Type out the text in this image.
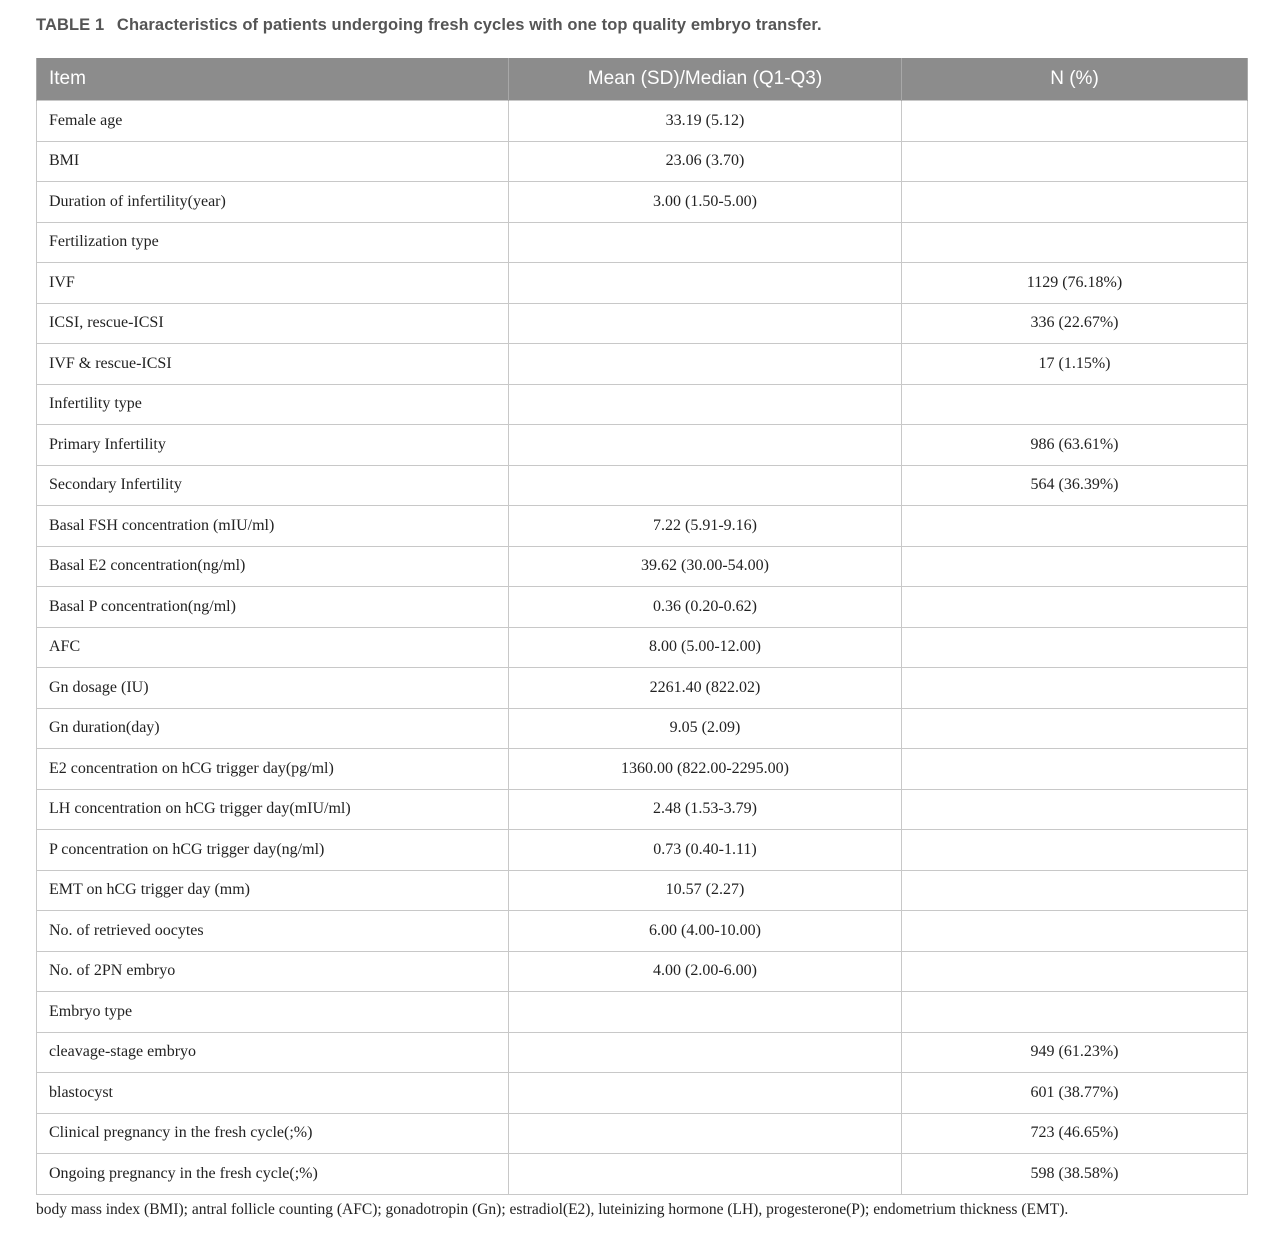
TABLE 1 Characteristics of patients undergoing fresh cycles with one top quality embryo transfer.
Item	Mean (SD)/Median (Q1-Q3)	N (%)
Female age	33.19 (5.12)	
BMI	23.06 (3.70)	
Duration of infertility(year)	3.00 (1.50-5.00)	
Fertilization type		
IVF		1129 (76.18%)
ICSI, rescue-ICSI		336 (22.67%)
IVF & rescue-ICSI		17 (1.15%)
Infertility type		
Primary Infertility		986 (63.61%)
Secondary Infertility		564 (36.39%)
Basal FSH concentration (mIU/ml)	7.22 (5.91-9.16)	
Basal E2 concentration(ng/ml)	39.62 (30.00-54.00)	
Basal P concentration(ng/ml)	0.36 (0.20-0.62)	
AFC	8.00 (5.00-12.00)	
Gn dosage (IU)	2261.40 (822.02)	
Gn duration(day)	9.05 (2.09)	
E2 concentration on hCG trigger day(pg/ml)	1360.00 (822.00-2295.00)	
LH concentration on hCG trigger day(mIU/ml)	2.48 (1.53-3.79)	
P concentration on hCG trigger day(ng/ml)	0.73 (0.40-1.11)	
EMT on hCG trigger day (mm)	10.57 (2.27)	
No. of retrieved oocytes	6.00 (4.00-10.00)	
No. of 2PN embryo	4.00 (2.00-6.00)	
Embryo type		
cleavage-stage embryo		949 (61.23%)
blastocyst		601 (38.77%)
Clinical pregnancy in the fresh cycle(;%)		723 (46.65%)
Ongoing pregnancy in the fresh cycle(;%)		598 (38.58%)
body mass index (BMI); antral follicle counting (AFC); gonadotropin (Gn); estradiol(E2), luteinizing hormone (LH), progesterone(P); endometrium thickness (EMT).
